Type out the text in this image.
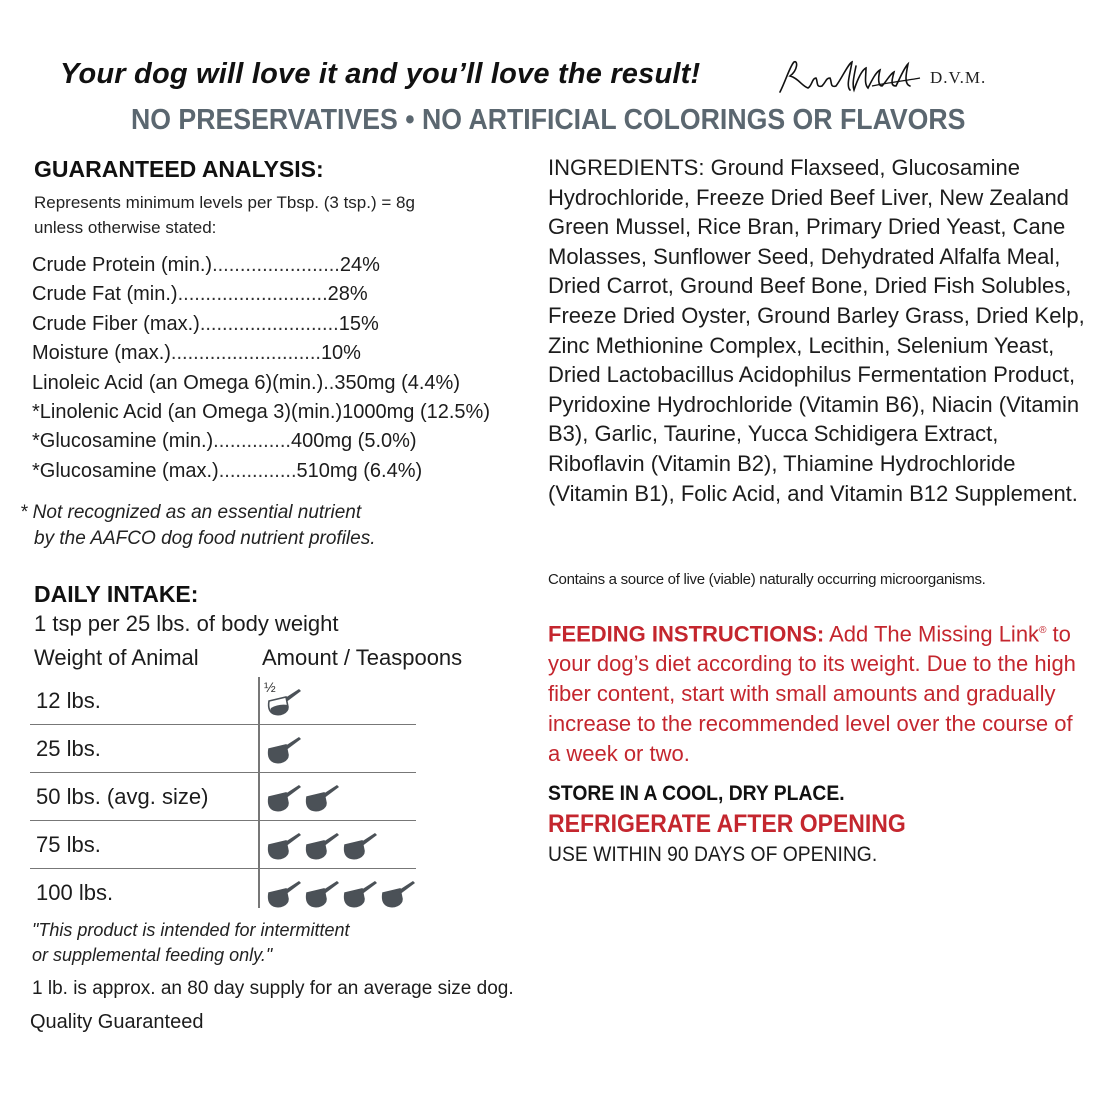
Your dog will love it and you’ll love the result!	D.V.M.
NO PRESERVATIVES • NO ARTIFICIAL COLORINGS OR FLAVORS
GUARANTEED ANALYSIS:
Represents minimum levels per Tbsp. (3 tsp.) = 8g
unless otherwise stated:
Crude Protein (min.) ....................... 24%
Crude Fat (min.) ........................... 28%
Crude Fiber (max.) ......................... 15%
Moisture (max.) ........................... 10%
Linoleic Acid (an Omega 6)(min.) .. 350mg (4.4%)
*Linolenic Acid (an Omega 3)(min.) 1000mg (12.5%)
*Glucosamine (min.) .............. 400mg (5.0%)
*Glucosamine (max.) .............. 510mg (6.4%)
* Not recognized as an essential nutrient
by the AAFCO dog food nutrient profiles.
DAILY INTAKE:
1 tsp per 25 lbs. of body weight
Weight of Animal	Amount / Teaspoons
12 lbs.
½
25 lbs.
50 lbs. (avg. size)
75 lbs.
100 lbs.
"This product is intended for intermittent
or supplemental feeding only."
1 lb. is approx. an 80 day supply for an average size dog.
Quality Guaranteed
INGREDIENTS: Ground Flaxseed, Glucosamine Hydrochloride, Freeze Dried Beef Liver, New Zealand Green Mussel, Rice Bran, Primary Dried Yeast, Cane Molasses, Sunflower Seed, Dehydrated Alfalfa Meal, Dried Carrot, Ground Beef Bone, Dried Fish Solubles, Freeze Dried Oyster, Ground Barley Grass, Dried Kelp, Zinc Methionine Complex, Lecithin, Selenium Yeast, Dried Lactobacillus Acidophilus Fermentation Product, Pyridoxine Hydrochloride (Vitamin B6), Niacin (Vitamin B3), Garlic, Taurine, Yucca Schidigera Extract, Riboflavin (Vitamin B2), Thiamine Hydrochloride (Vitamin B1), Folic Acid, and Vitamin B12 Supplement.
Contains a source of live (viable) naturally occurring microorganisms.
FEEDING INSTRUCTIONS: Add The Missing Link® to your dog’s diet according to its weight. Due to the high fiber content, start with small amounts and gradually increase to the recommended level over the course of a week or two.
STORE IN A COOL, DRY PLACE.
REFRIGERATE AFTER OPENING
USE WITHIN 90 DAYS OF OPENING.
